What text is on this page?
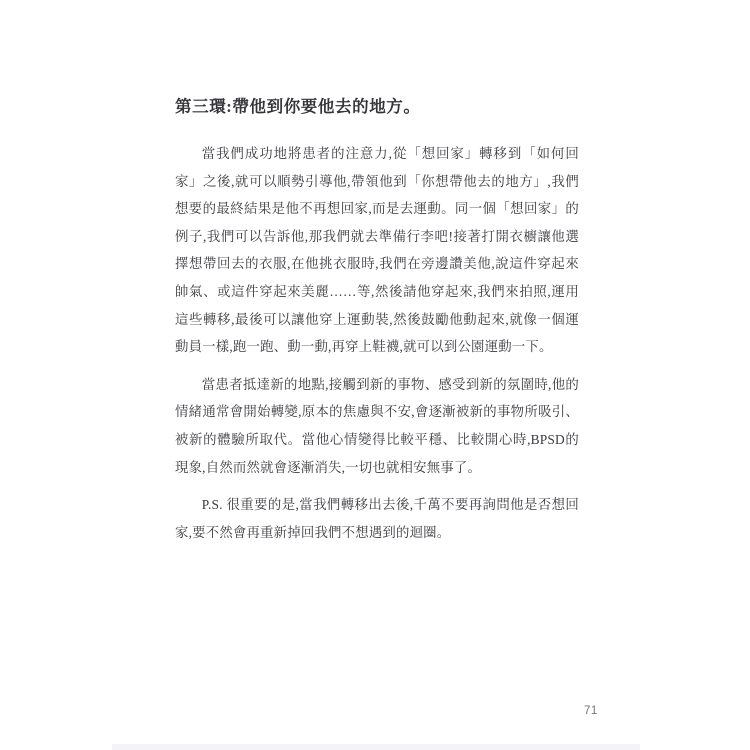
第三環:帶他到你要他去的地方。

當我們成功地將患者的注意力,從「想回家」轉移到「如何回家」之後,就可以順勢引導他,帶領他到「你想帶他去的地方」,我們想要的最終結果是他不再想回家,而是去運動。同一個「想回家」的例子,我們可以告訴他,那我們就去準備行李吧!接著打開衣櫥讓他選擇想帶回去的衣服,在他挑衣服時,我們在旁邊讚美他,說這件穿起來帥氣、或這件穿起來美麗……等,然後請他穿起來,我們來拍照,運用這些轉移,最後可以讓他穿上運動裝,然後鼓勵他動起來,就像一個運動員一樣,跑一跑、動一動,再穿上鞋襪,就可以到公園運動一下。

當患者抵達新的地點,接觸到新的事物、感受到新的氛圍時,他的情緒通常會開始轉變,原本的焦慮與不安,會逐漸被新的事物所吸引、被新的體驗所取代。當他心情變得比較平穩、比較開心時,BPSD的現象,自然而然就會逐漸消失,一切也就相安無事了。

P.S. 很重要的是,當我們轉移出去後,千萬不要再詢問他是否想回家,要不然會再重新掉回我們不想遇到的迴圈。

71
